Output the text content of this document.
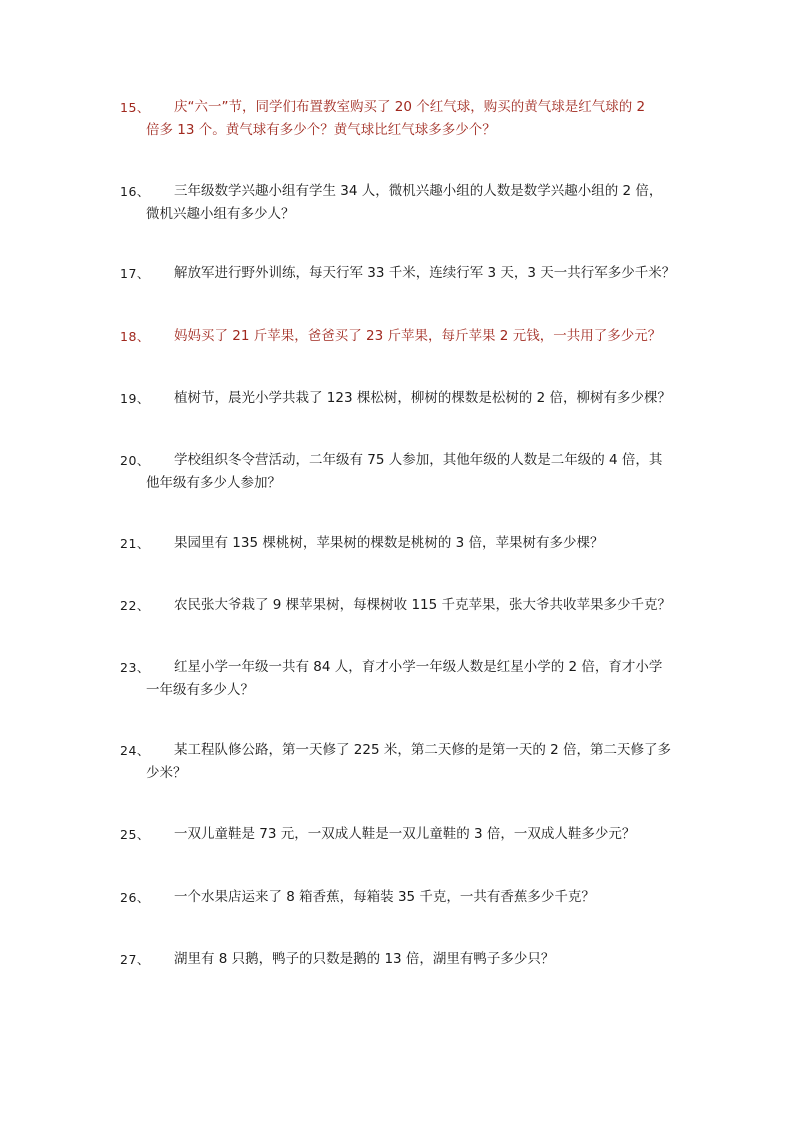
15、	庆“六一”节，同学们布置教室购买了 20 个红气球，购买的黄气球是红气球的 2
倍多 13 个。黄气球有多少个？黄气球比红气球多多少个？
16、	三年级数学兴趣小组有学生 34 人，微机兴趣小组的人数是数学兴趣小组的 2 倍，
微机兴趣小组有多少人？
17、	解放军进行野外训练，每天行军 33 千米，连续行军 3 天，3 天一共行军多少千米？
18、	妈妈买了 21 斤苹果，爸爸买了 23 斤苹果，每斤苹果 2 元钱，一共用了多少元？
19、	植树节，晨光小学共栽了 123 棵松树，柳树的棵数是松树的 2 倍，柳树有多少棵？
20、	学校组织冬令营活动，二年级有 75 人参加，其他年级的人数是二年级的 4 倍，其
他年级有多少人参加？
21、	果园里有 135 棵桃树，苹果树的棵数是桃树的 3 倍，苹果树有多少棵？
22、	农民张大爷栽了 9 棵苹果树，每棵树收 115 千克苹果，张大爷共收苹果多少千克？
23、	红星小学一年级一共有 84 人，育才小学一年级人数是红星小学的 2 倍，育才小学
一年级有多少人？
24、	某工程队修公路，第一天修了 225 米，第二天修的是第一天的 2 倍，第二天修了多
少米？
25、	一双儿童鞋是 73 元，一双成人鞋是一双儿童鞋的 3 倍，一双成人鞋多少元？
26、	一个水果店运来了 8 箱香蕉，每箱装 35 千克，一共有香蕉多少千克？
27、	湖里有 8 只鹅，鸭子的只数是鹅的 13 倍，湖里有鸭子多少只？
